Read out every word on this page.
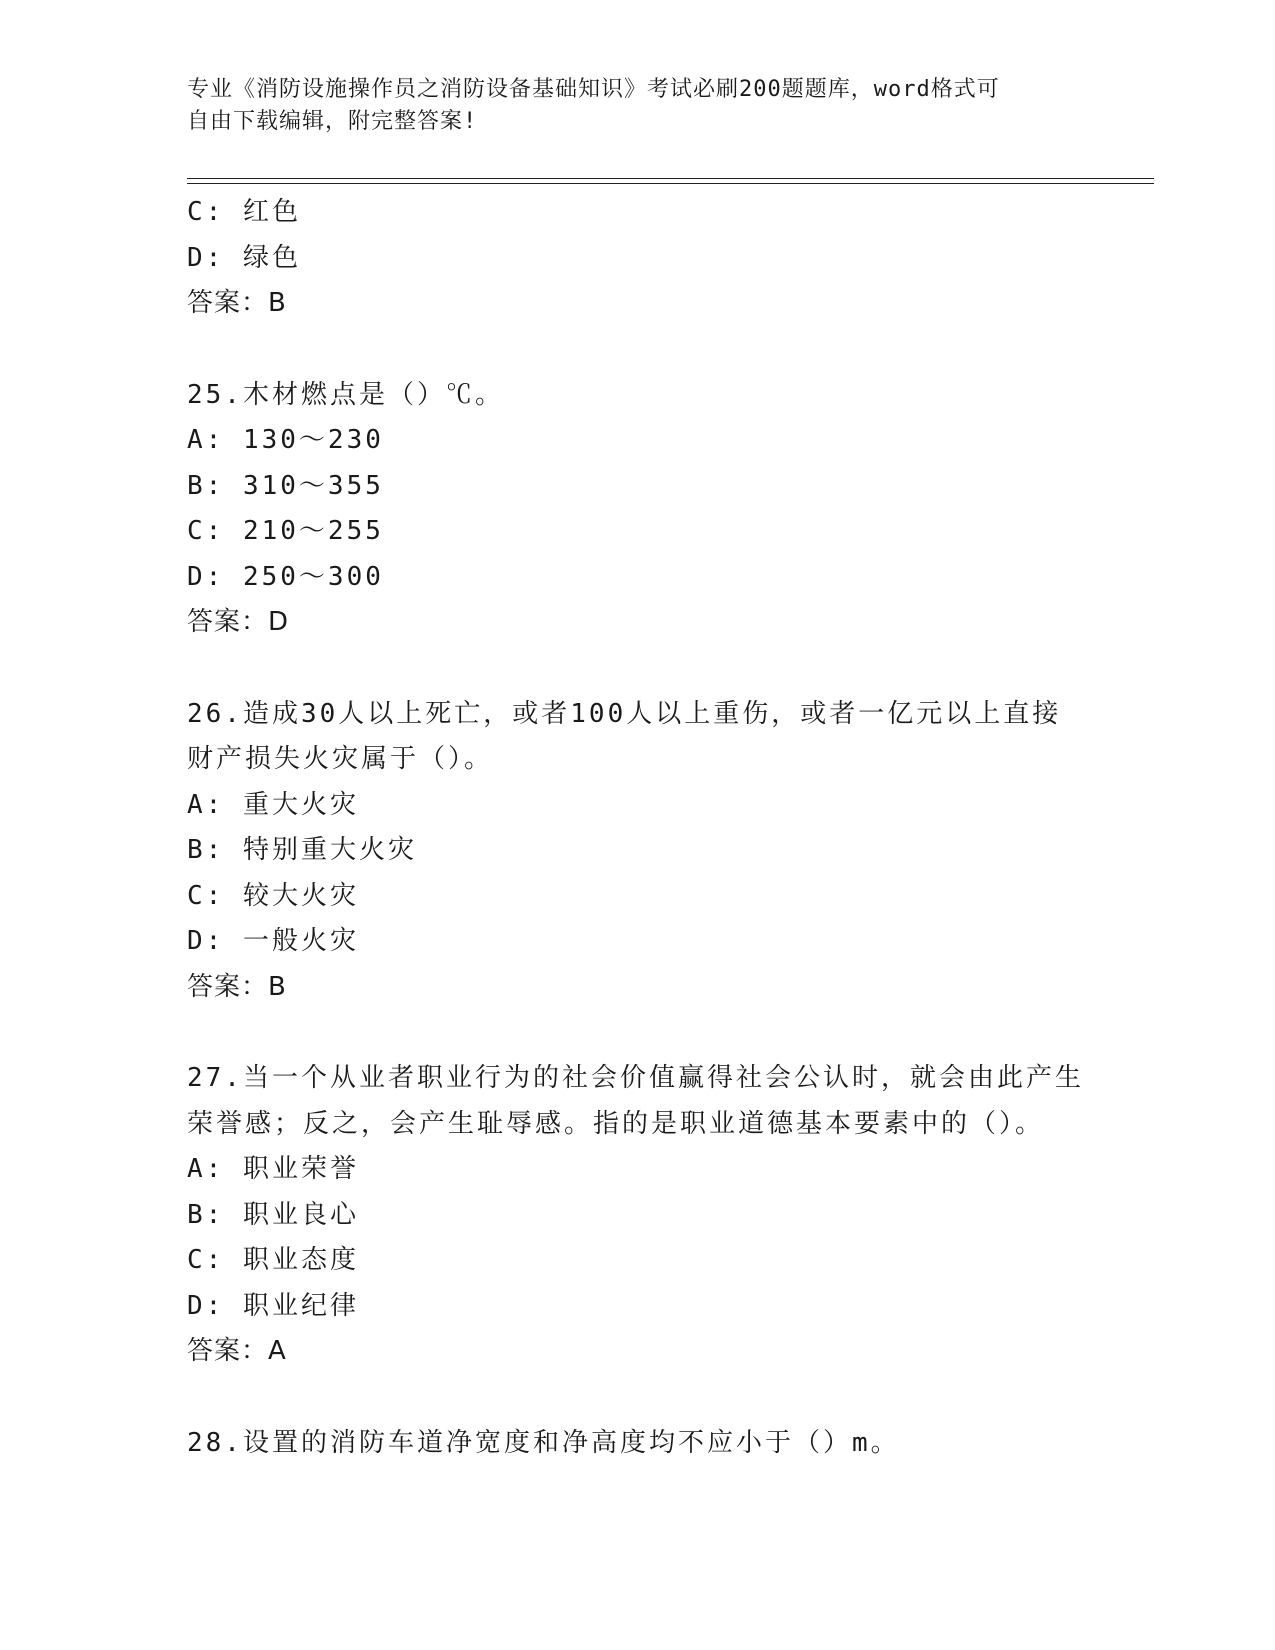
专业《消防设施操作员之消防设备基础知识》考试必刷200题题库，word格式可
自由下载编辑，附完整答案!
C: 红色
D: 绿色
答案：B
25.木材燃点是（）℃。
A: 130～230
B: 310～355
C: 210～255
D: 250～300
答案：D
26.造成30人以上死亡，或者100人以上重伤，或者一亿元以上直接
财产损失火灾属于（）。
A: 重大火灾
B: 特别重大火灾
C: 较大火灾
D: 一般火灾
答案：B
27.当一个从业者职业行为的社会价值赢得社会公认时，就会由此产生
荣誉感；反之，会产生耻辱感。指的是职业道德基本要素中的（）。
A: 职业荣誉
B: 职业良心
C: 职业态度
D: 职业纪律
答案：A
28.设置的消防车道净宽度和净高度均不应小于（）m。
